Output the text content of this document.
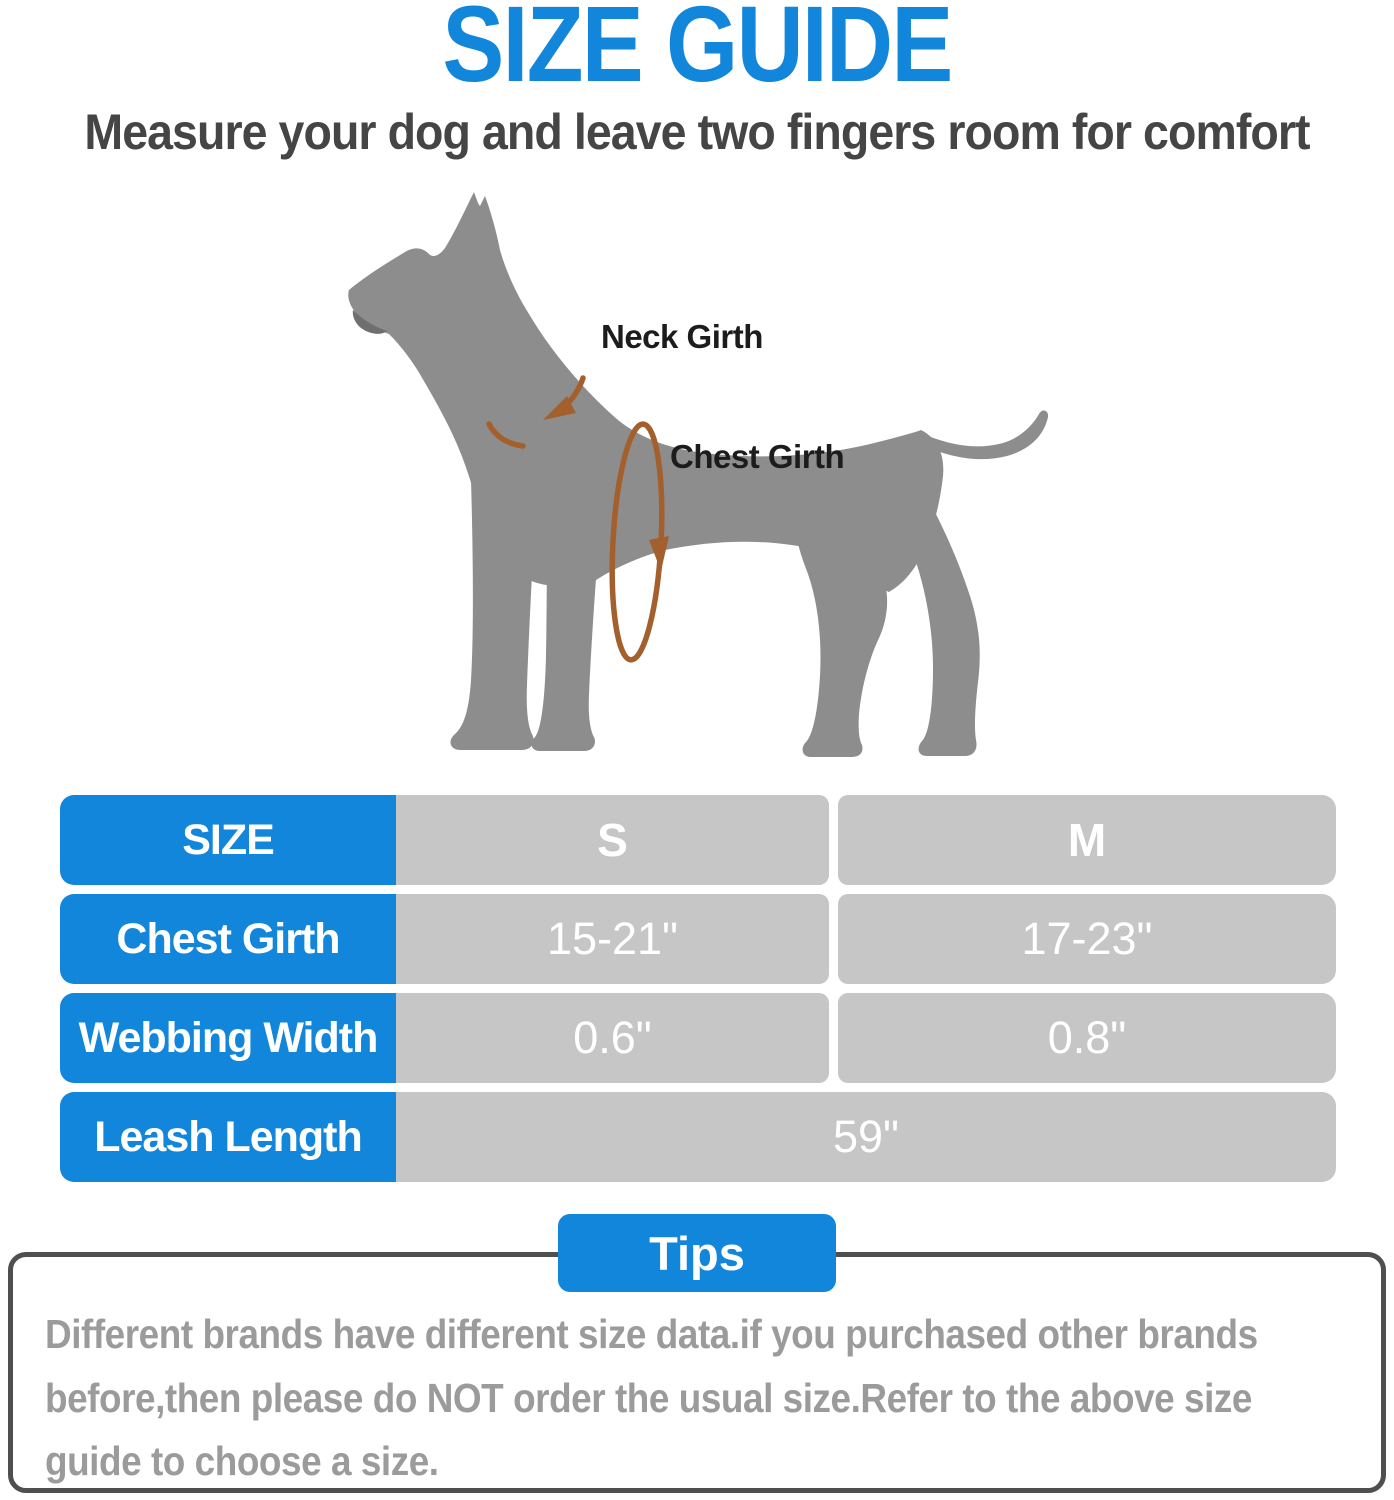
SIZE GUIDE
Measure your dog and leave two fingers room for comfort
Neck Girth
Chest Girth
SIZE	S	M
Chest Girth	15-21"	17-23"
Webbing Width	0.6"	0.8"
Leash Length	59"

Different brands have different size data.if you purchased other brands before,then please do NOT order the usual size.Refer to the above size guide to choose a size.

Tips
